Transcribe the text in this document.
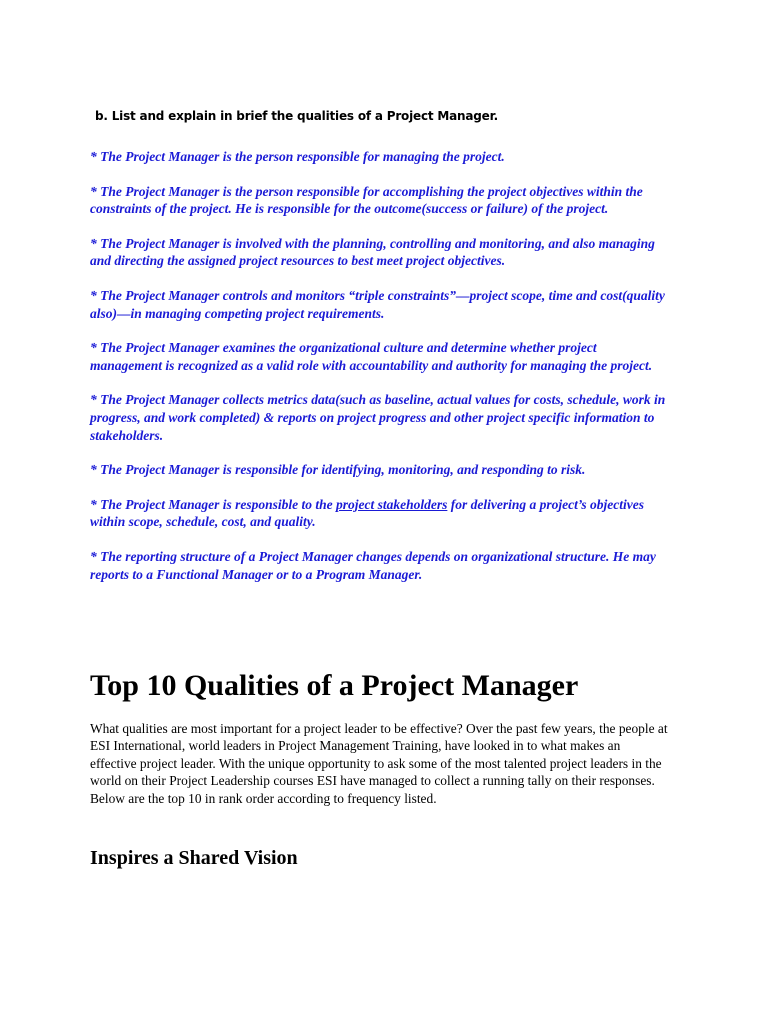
b. List and explain in brief the qualities of a Project Manager.
* The Project Manager is the person responsible for managing the project.
* The Project Manager is the person responsible for accomplishing the project objectives within the constraints of the project. He is responsible for the outcome(success or failure) of the project.
* The Project Manager is involved with the planning, controlling and monitoring, and also managing and directing the assigned project resources to best meet project objectives.
* The Project Manager controls and monitors “triple constraints”—project scope, time and cost(quality also)—in managing competing project requirements.
* The Project Manager examines the organizational culture and determine whether project management is recognized as a valid role with accountability and authority for managing the project.
* The Project Manager collects metrics data(such as baseline, actual values for costs, schedule, work in progress, and work completed) & reports on project progress and other project specific information to stakeholders.
* The Project Manager is responsible for identifying, monitoring, and responding to risk.
* The Project Manager is responsible to the project stakeholders for delivering a project’s objectives within scope, schedule, cost, and quality.
* The reporting structure of a Project Manager changes depends on organizational structure. He may reports to a Functional Manager or to a Program Manager.
Top 10 Qualities of a Project Manager

What qualities are most important for a project leader to be effective? Over the past few years, the people at ESI International, world leaders in Project Management Training, have looked in to what makes an effective project leader. With the unique opportunity to ask some of the most talented project leaders in the world on their Project Leadership courses ESI have managed to collect a running tally on their responses. Below are the top 10 in rank order according to frequency listed.

Inspires a Shared Vision
